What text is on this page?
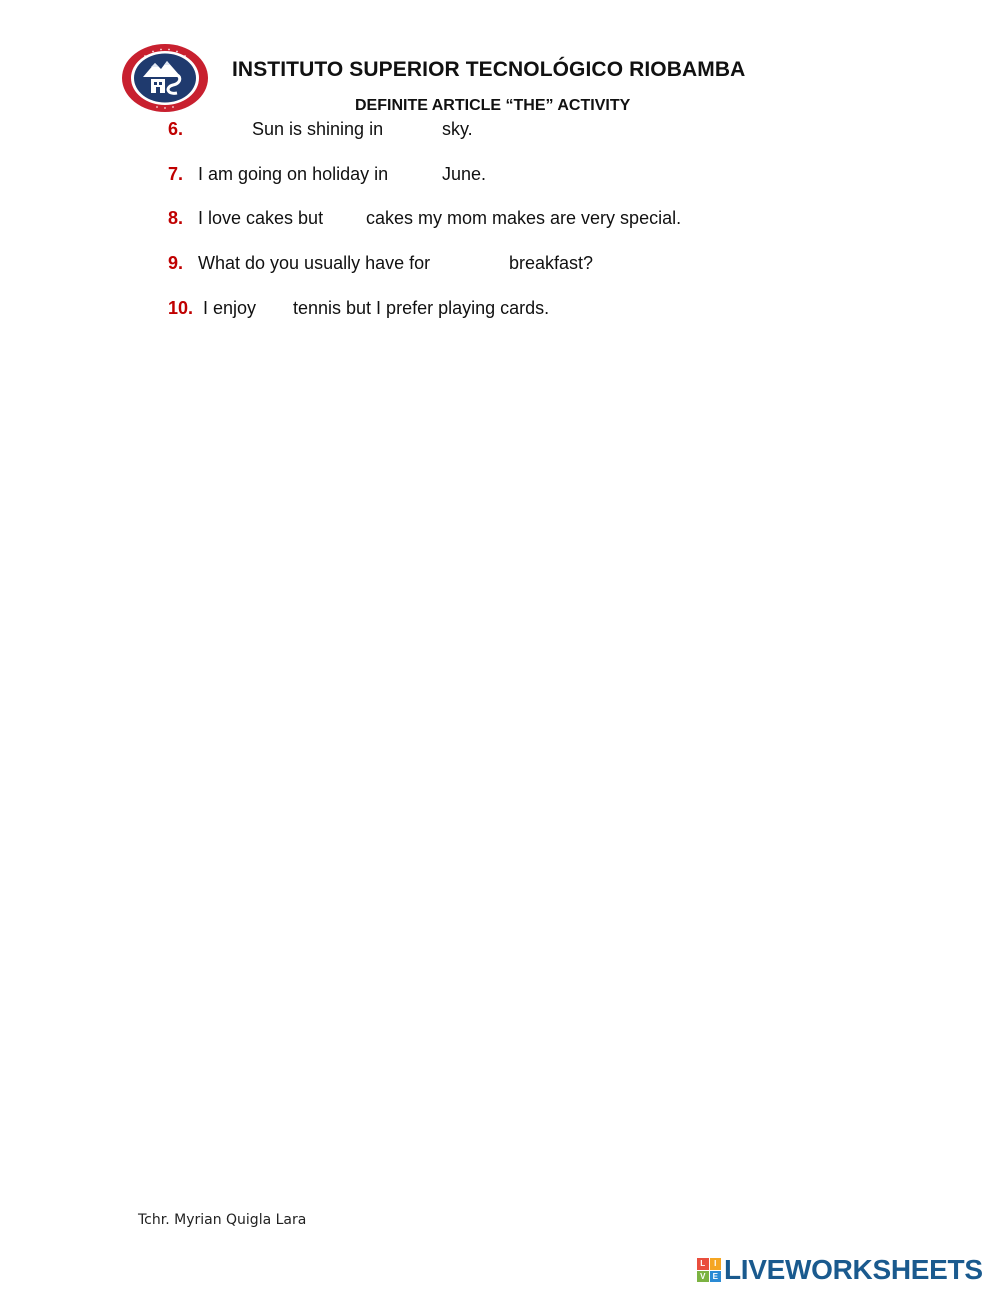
INSTITUTO SUPERIOR TECNOLÓGICO RIOBAMBA
DEFINITE ARTICLE “THE” ACTIVITY
6.	Sun is shining in	sky.
7. I am going on holiday in	June.
8. I love cakes but cakes my mom makes are very special.
9. What do you usually have for	breakfast?
10. I enjoy tennis but I prefer playing cards.
Tchr. Myrian Quigla Lara
L	I
V E LIVEWORKSHEETS
